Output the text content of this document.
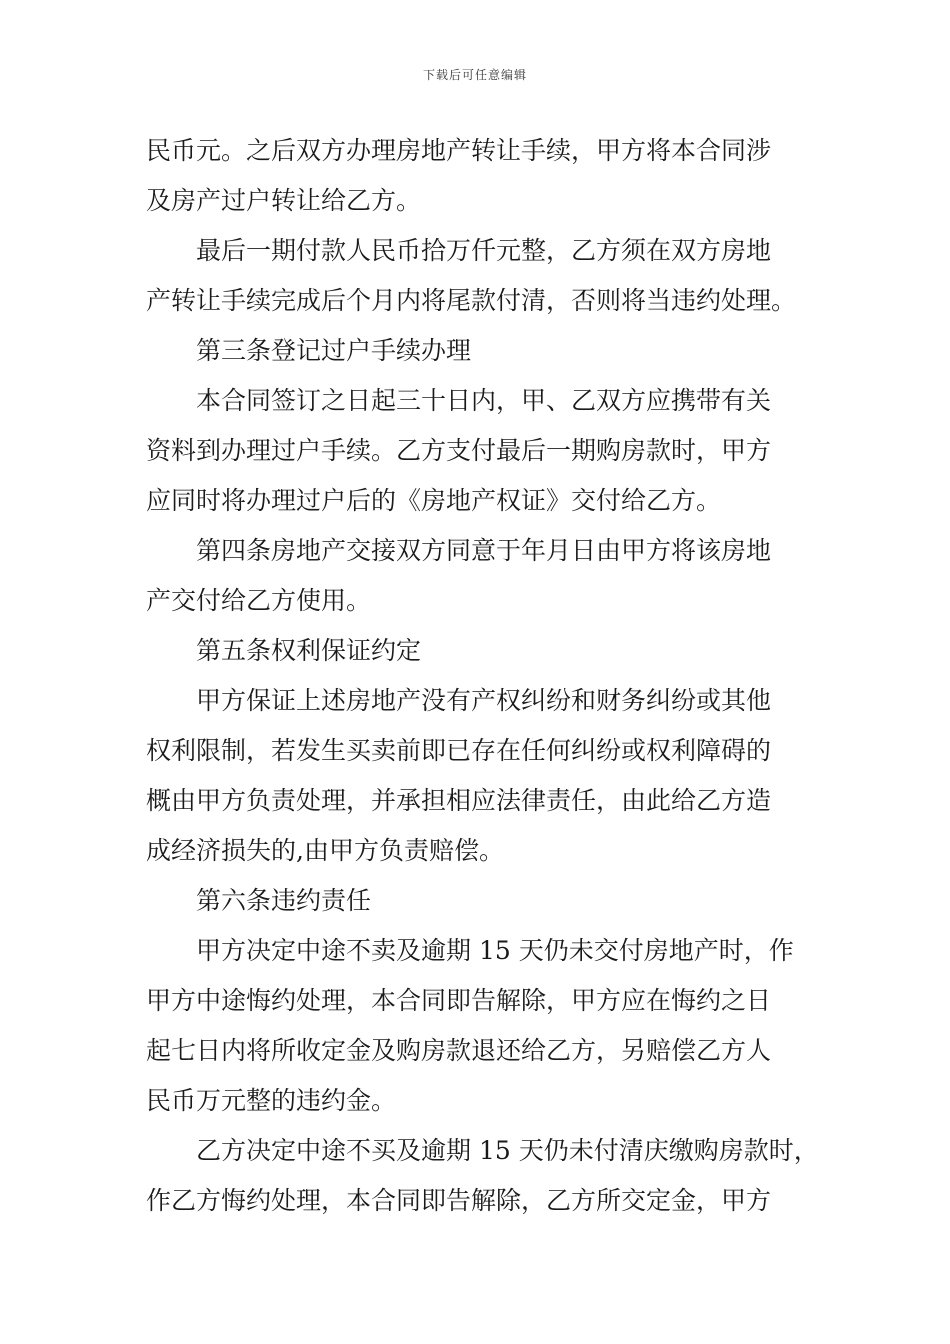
下载后可任意编辑
民币元。之后双方办理房地产转让手续，甲方将本合同涉
及房产过户转让给乙方。
最后一期付款人民币拾万仟元整，乙方须在双方房地
产转让手续完成后个月内将尾款付清，否则将当违约处理。
第三条登记过户手续办理
本合同签订之日起三十日内，甲、乙双方应携带有关
资料到办理过户手续。乙方支付最后一期购房款时，甲方
应同时将办理过户后的《房地产权证》交付给乙方。
第四条房地产交接双方同意于年月日由甲方将该房地
产交付给乙方使用。
第五条权利保证约定
甲方保证上述房地产没有产权纠纷和财务纠纷或其他
权利限制，若发生买卖前即已存在任何纠纷或权利障碍的
概由甲方负责处理，并承担相应法律责任，由此给乙方造
成经济损失的,由甲方负责赔偿。
第六条违约责任
甲方决定中途不卖及逾期 15 天仍未交付房地产时，作
甲方中途悔约处理，本合同即告解除，甲方应在悔约之日
起七日内将所收定金及购房款退还给乙方，另赔偿乙方人
民币万元整的违约金。
乙方决定中途不买及逾期 15 天仍未付清庆缴购房款时，
作乙方悔约处理，本合同即告解除，乙方所交定金，甲方
